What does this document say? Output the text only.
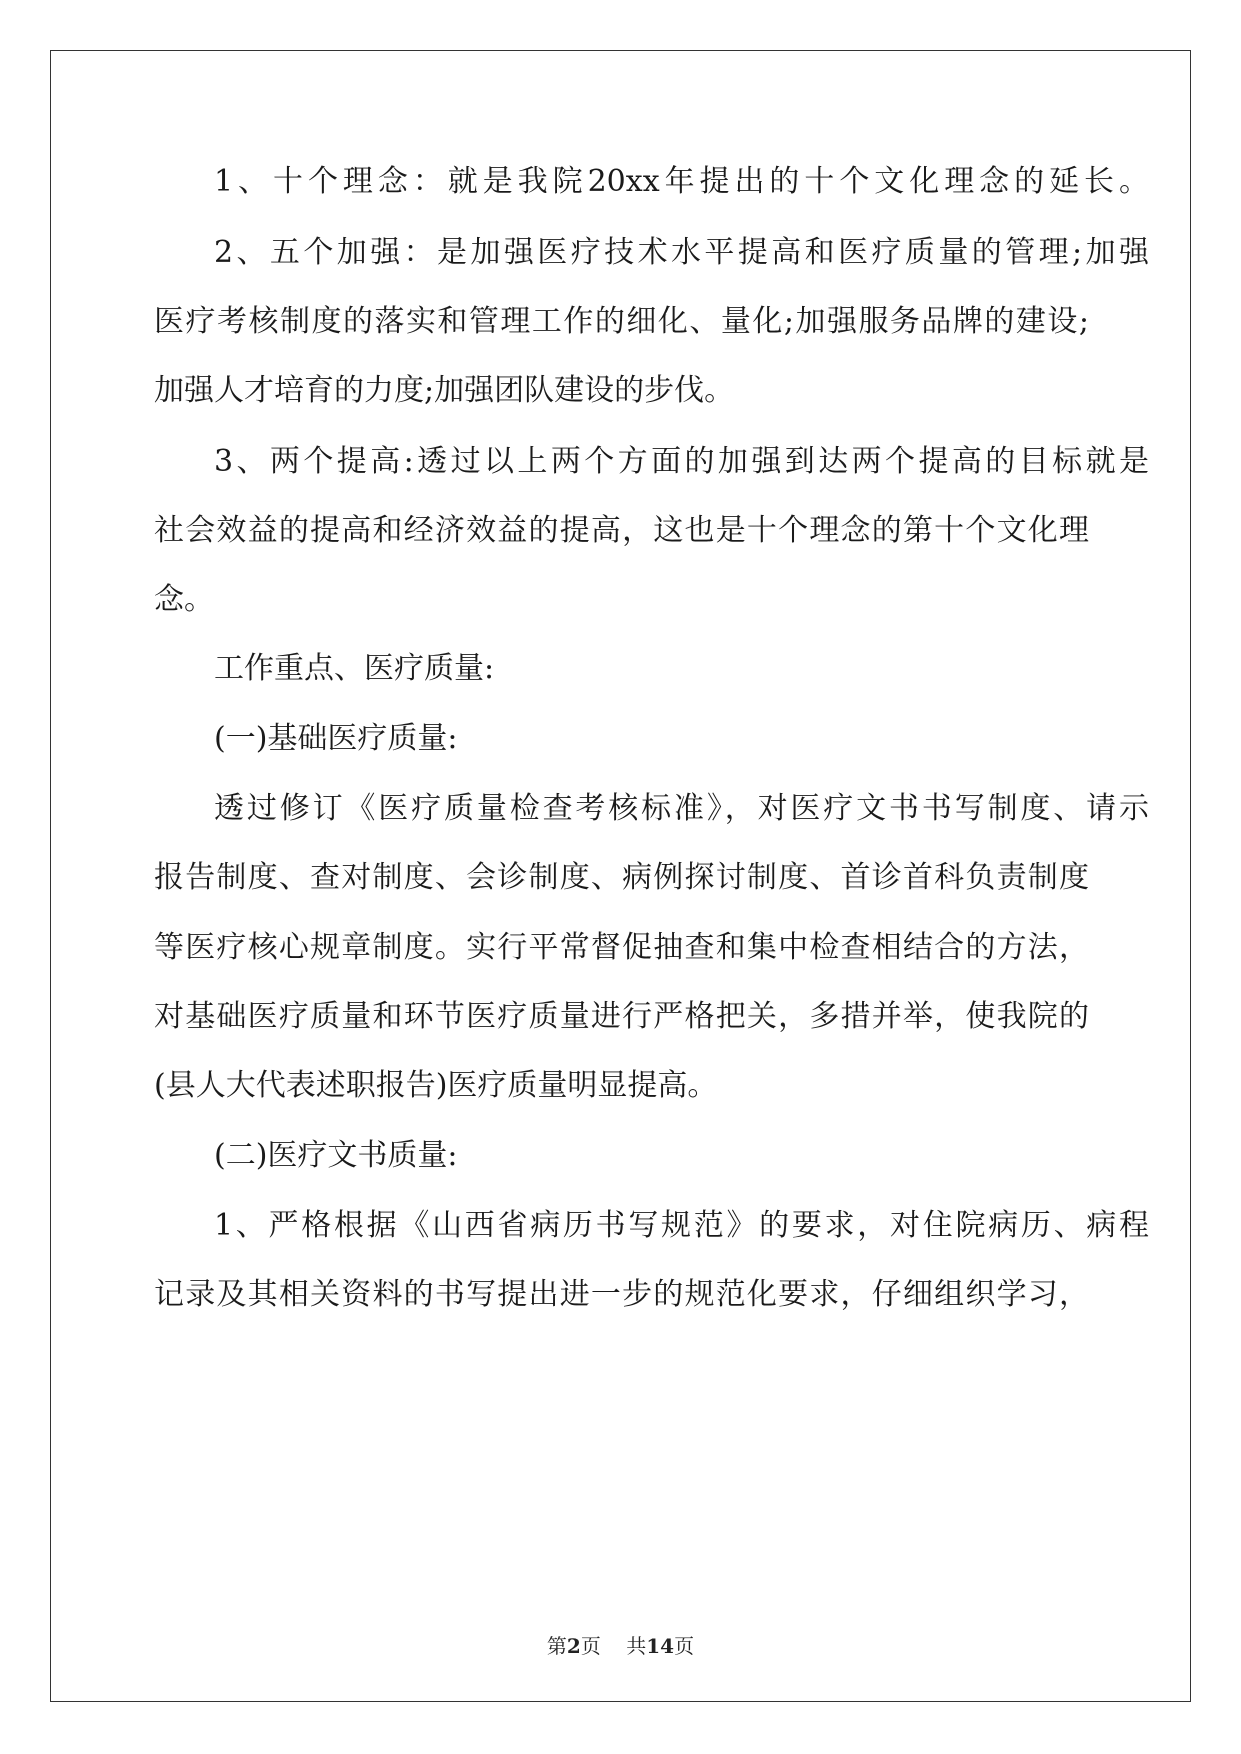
1、十个理念：就是我院20xx年提出的十个文化理念的延长。
2、五个加强：是加强医疗技术水平提高和医疗质量的管理;加强
医疗考核制度的落实和管理工作的细化、量化;加强服务品牌的建设;
加强人才培育的力度;加强团队建设的步伐。
3、两个提高:透过以上两个方面的加强到达两个提高的目标就是
社会效益的提高和经济效益的提高，这也是十个理念的第十个文化理
念。
工作重点、医疗质量:
(一)基础医疗质量:
透过修订《医疗质量检查考核标准》，对医疗文书书写制度、请示
报告制度、查对制度、会诊制度、病例探讨制度、首诊首科负责制度
等医疗核心规章制度。实行平常督促抽查和集中检查相结合的方法，
对基础医疗质量和环节医疗质量进行严格把关，多措并举，使我院的
(县人大代表述职报告)医疗质量明显提高。
(二)医疗文书质量:
1、严格根据《山西省病历书写规范》的要求，对住院病历、病程
记录及其相关资料的书写提出进一步的规范化要求，仔细组织学习，
第2页 共14页
